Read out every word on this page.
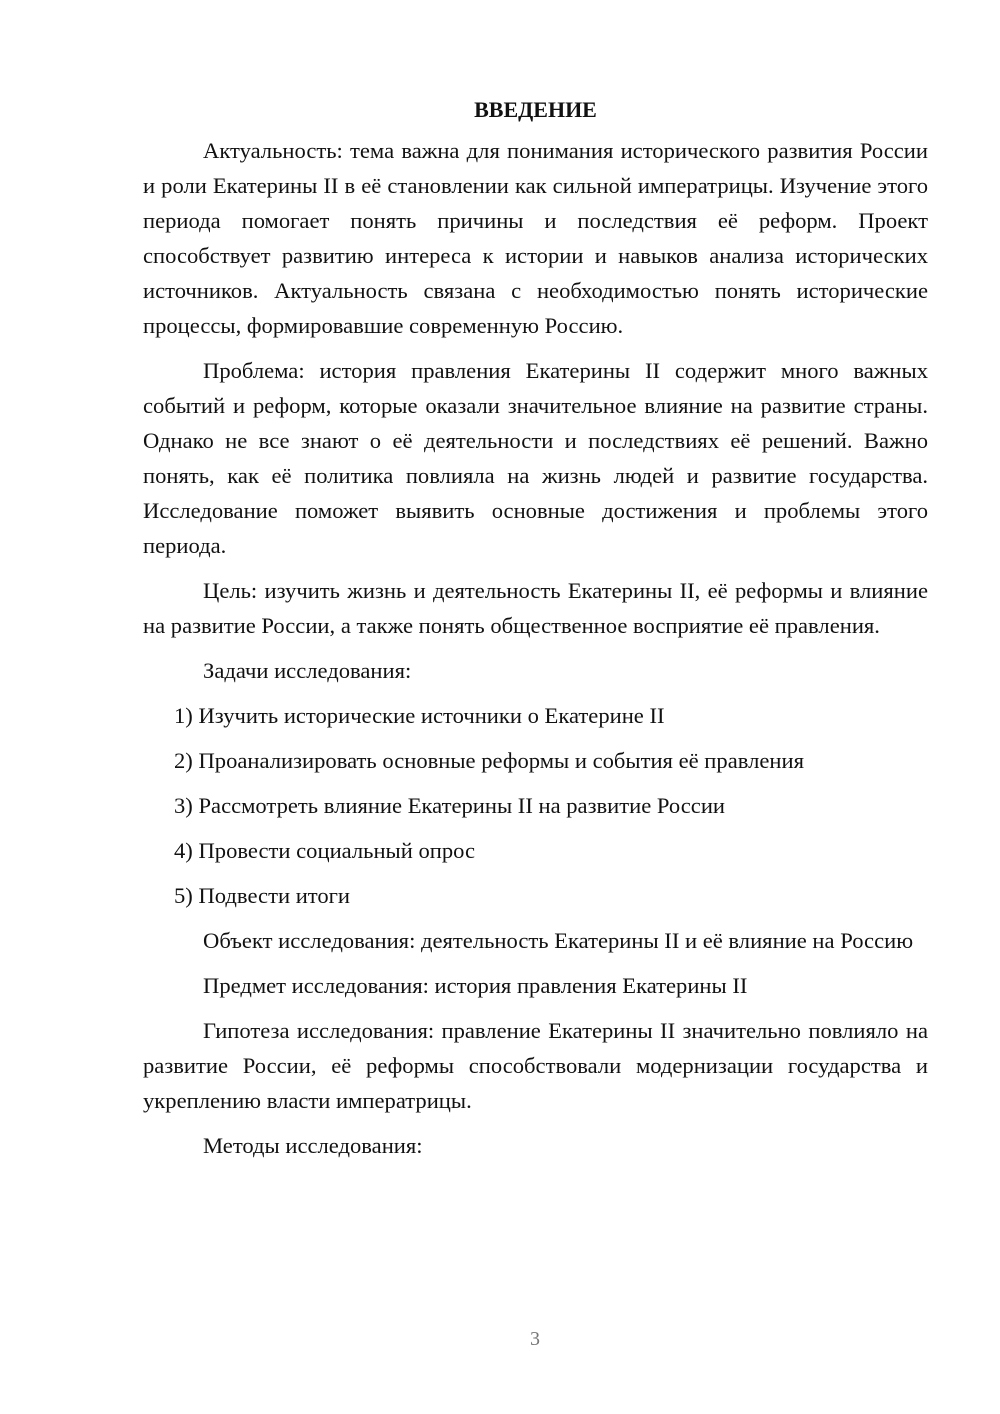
ВВЕДЕНИЕ

Актуальность: тема важна для понимания исторического развития России и роли Екатерины II в её становлении как сильной императрицы. Изучение этого периода помогает понять причины и последствия её реформ. Проект способствует развитию интереса к истории и навыков анализа исторических источников. Актуальность связана с необходимостью понять исторические процессы, формировавшие современную Россию.

Проблема: история правления Екатерины II содержит много важных событий и реформ, которые оказали значительное влияние на развитие страны. Однако не все знают о её деятельности и последствиях её решений. Важно понять, как её политика повлияла на жизнь людей и развитие государства. Исследование поможет выявить основные достижения и проблемы этого периода.

Цель: изучить жизнь и деятельность Екатерины II, её реформы и влияние на развитие России, а также понять общественное восприятие её правления.

Задачи исследования:

1) Изучить исторические источники о Екатерине II
2) Проанализировать основные реформы и события её правления
3) Рассмотреть влияние Екатерины II на развитие России
4) Провести социальный опрос
5) Подвести итоги

Объект исследования: деятельность Екатерины II и её влияние на Россию

Предмет исследования: история правления Екатерины II

Гипотеза исследования: правление Екатерины II значительно повлияло на развитие России, её реформы способствовали модернизации государства и укреплению власти императрицы.

Методы исследования:

3
